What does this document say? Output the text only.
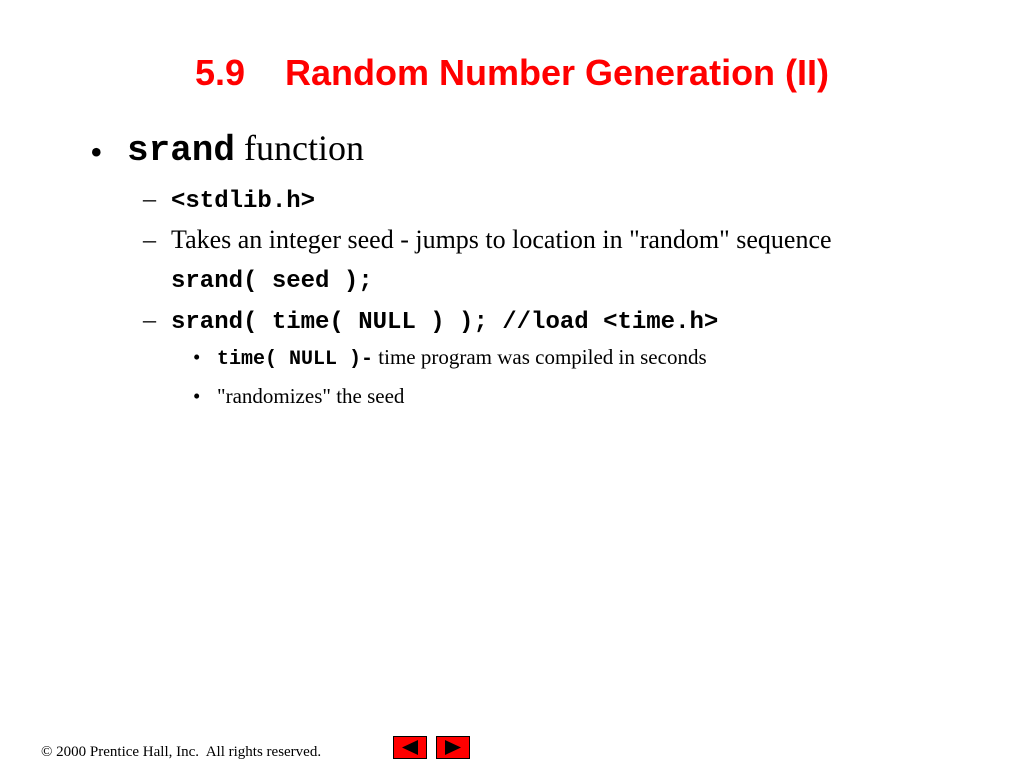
5.9    Random Number Generation (II)
• srand function
– <stdlib.h>
– Takes an integer seed - jumps to location in "random" sequence
srand( seed );
– srand( time( NULL ) ); //load <time.h>
• time( NULL )- time program was compiled in seconds
• "randomizes" the seed
© 2000 Prentice Hall, Inc.  All rights reserved.
